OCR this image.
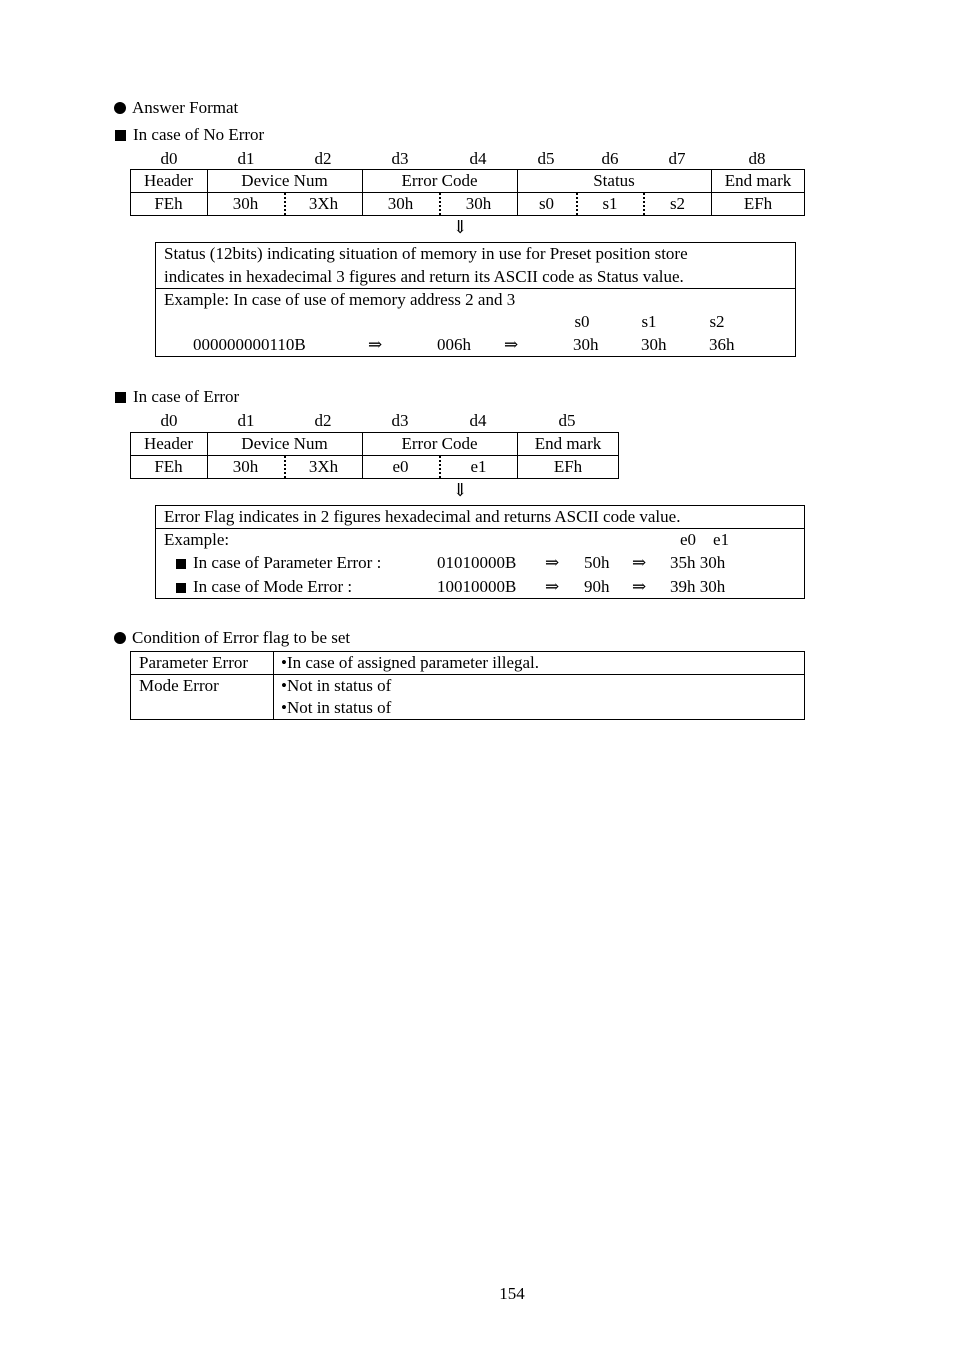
Answer Format
In case of No Error
d0	d1	d2	d3	d4	d5	d6	d7	d8
Header	Device Num	Error Code	Status	End mark
FEh	30h	3Xh	30h	30h	s0	s1	s2	EFh
⇓
Status (12bits) indicating situation of memory in use for Preset position store
indicates in hexadecimal 3 figures and return its ASCII code as Status value.
Example: In case of use of memory address 2 and 3
s0	s1	s2
000000000110B	⇒	006h ⇒	30h	30h	36h
In case of Error
d0	d1	d2	d3	d4	d5
Header	Device Num	Error Code	End mark
FEh	30h	3Xh	e0	e1	EFh
⇓
Error Flag indicates in 2 figures hexadecimal and returns ASCII code value.
Example:	e0    e1
In case of Parameter Error :	01010000B ⇒ 50h ⇒ 35h 30h
In case of Mode Error :	10010000B ⇒ 90h ⇒ 39h 30h
Condition of Error flag to be set
Parameter Error •In case of assigned parameter illegal.
Mode Error	•Not in status of
•Not in status of
154
